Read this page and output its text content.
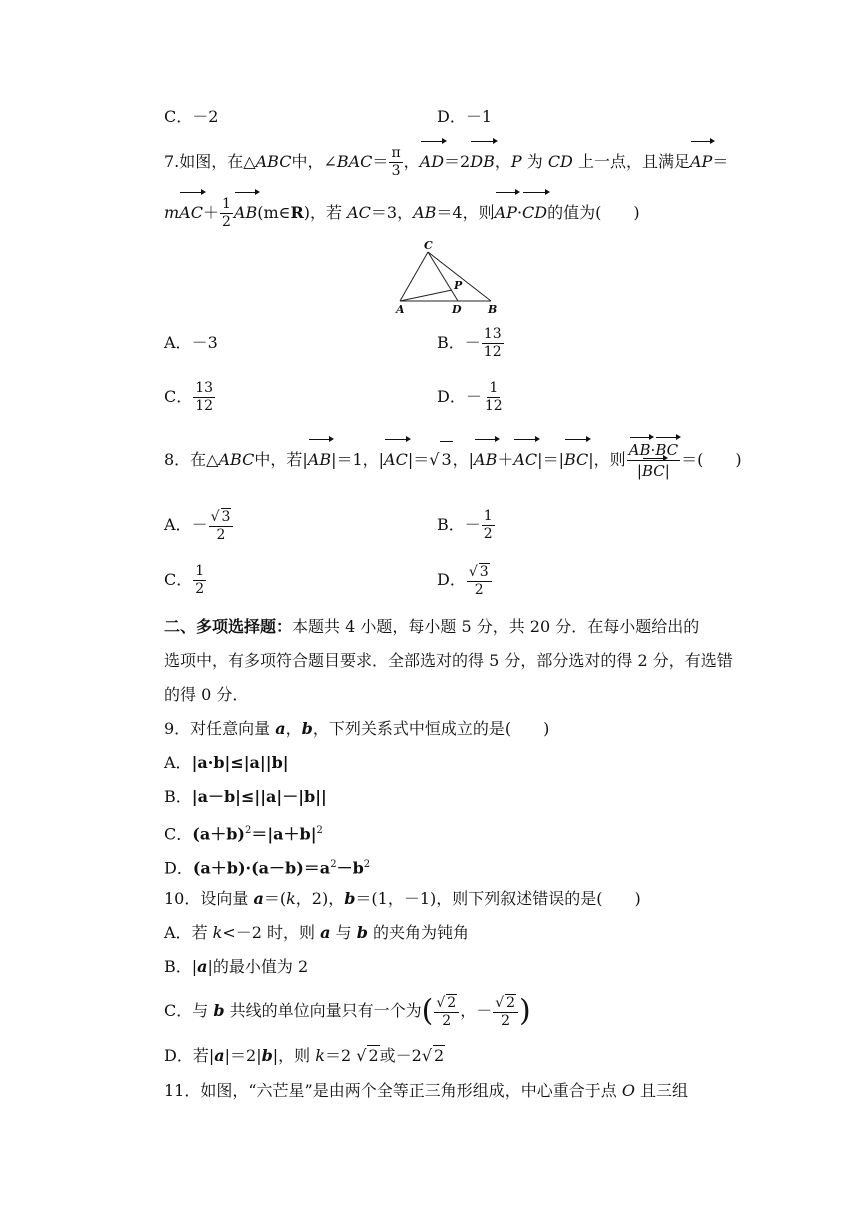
C．－2	D．－1
7.如图，在△ABC中，∠BAC＝ $\frac{\pi}{3}$ ，AD＝2DB，P 为 CD 上一点，且满足AP＝
$mAC+ \frac{1}{2}$ AB(m∈R)，若 AC＝3，AB＝4，则AP·CD的值为(　　)
C
P
A	D B
A．－3	B．－ $\frac{13}{12}$
C． $\frac{13}{12}$	D．－ $\frac{1}{12}$
8．在△ABC中，若|AB|＝1，|AC|＝√ 3，|AB＋AC|＝|BC|，则 $\frac{AB\cdot BC}{|BC|}$ ＝(　　)
A．－ $\frac{√ 3}{2}$	B．－ $\frac{1}{2}$
C． $\frac{1}{2}$	D． $\frac{√ 3}{2}$
二、多项选择题：本题共 4 小题，每小题 5 分，共 20 分．在每小题给出的
选项中，有多项符合题目要求．全部选对的得 5 分，部分选对的得 2 分，有选错
的得 0 分．
9．对任意向量 a，b，下列关系式中恒成立的是(　　)
A．|a·b|≤|a||b|
B．|a－b|≤||a|－|b||
C．$(a+b)^2=|a+b|^2$
D．$(a+b)\cdot(a-b)=a^2-b^2$
10．设向量 a＝(k，2)，b＝(1，－1)，则下列叙述错误的是(　　)
A．若 k<－2 时，则 a 与 b 的夹角为钝角
B．|a|的最小值为 2
C．与 b 共线的单位向量只有一个为( $\frac{√ 2}{2}$ ，－ $\frac{√ 2}{2}$ )
D．若|a|＝2|b|，则 k＝2 √ 2或－2√ 2
11．如图，“六芒星”是由两个全等正三角形组成，中心重合于点 O 且三组
